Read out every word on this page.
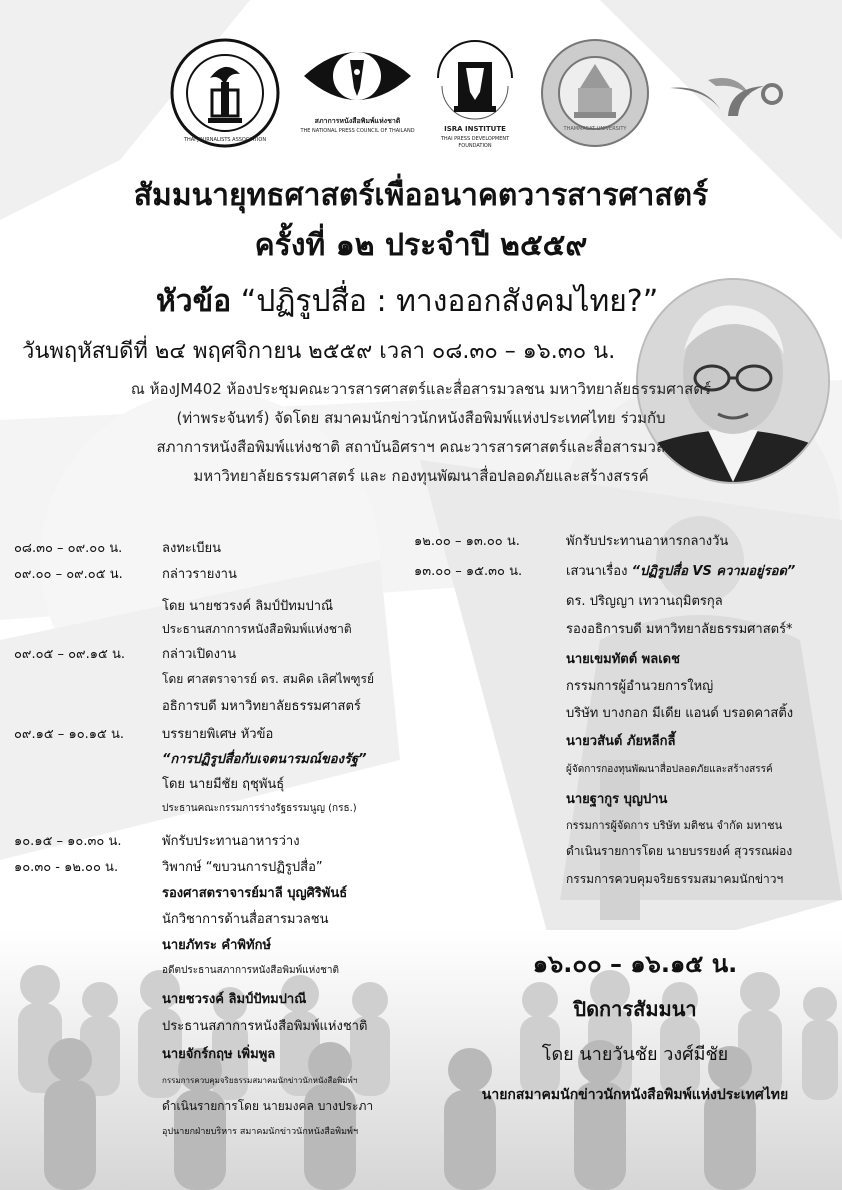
THAI JOURNALISTS ASSOCIATION
สภาการหนังสือพิมพ์แห่งชาติ
THE NATIONAL PRESS COUNCIL OF THAILAND	ISRA INSTITUTE
THAI PRESS DEVELOPMENT
FOUNDATION
THAMMASAT UNIVERSITY
สัมมนายุทธศาสตร์เพื่ออนาคตวารสารศาสตร์
ครั้งที่ ๑๒ ประจำปี ๒๕๕๙
หัวข้อ “ปฏิรูปสื่อ : ทางออกสังคมไทย?”
วันพฤหัสบดีที่ ๒๔ พฤศจิกายน ๒๕๕๙ เวลา ๐๘.๓๐ – ๑๖.๓๐ น.
ณ ห้องJM402 ห้องประชุมคณะวารสารศาสตร์และสื่อสารมวลชน มหาวิทยาลัยธรรมศาสตร์
(ท่าพระจันทร์) จัดโดย สมาคมนักข่าวนักหนังสือพิมพ์แห่งประเทศไทย ร่วมกับ
สภาการหนังสือพิมพ์แห่งชาติ สถาบันอิศราฯ คณะวารสารศาสตร์และสื่อสารมวลชน
มหาวิทยาลัยธรรมศาสตร์ และ กองทุนพัฒนาสื่อปลอดภัยและสร้างสรรค์
๐๘.๓๐ – ๐๙.๐๐ น.	ลงทะเบียน
๐๙.๐๐ – ๐๙.๐๕ น.	กล่าวรายงาน
โดย นายชวรงค์ ลิมป์ปัทมปาณี
ประธานสภาการหนังสือพิมพ์แห่งชาติ
๐๙.๐๕ – ๐๙.๑๕ น.	กล่าวเปิดงาน
โดย ศาสตราจารย์ ดร. สมคิด เลิศไพฑูรย์
อธิการบดี มหาวิทยาลัยธรรมศาสตร์
๐๙.๑๕ – ๑๐.๑๕ น.	บรรยายพิเศษ หัวข้อ
“การปฏิรูปสื่อกับเจตนารมณ์ของรัฐ”
โดย นายมีชัย ฤชุพันธุ์
ประธานคณะกรรมการร่างรัฐธรรมนูญ (กรธ.)
๑๐.๑๕ – ๑๐.๓๐ น.	พักรับประทานอาหารว่าง
๑๐.๓๐ - ๑๒.๐๐ น.	วิพากษ์ “ขบวนการปฏิรูปสื่อ”
รองศาสตราจารย์มาลี บุญศิริพันธ์
นักวิชาการด้านสื่อสารมวลชน
นายภัทระ คำพิทักษ์
อดีตประธานสภาการหนังสือพิมพ์แห่งชาติ
นายชวรงค์ ลิมป์ปัทมปาณี
ประธานสภาการหนังสือพิมพ์แห่งชาติ
นายจักร์กฤษ เพิ่มพูล
กรรมการควบคุมจริยธรรมสมาคมนักข่าวนักหนังสือพิมพ์ฯ
ดำเนินรายการโดย นายมงคล บางประภา
อุปนายกฝ่ายบริหาร สมาคมนักข่าวนักหนังสือพิมพ์ฯ
๑๒.๐๐ – ๑๓.๐๐ น.	พักรับประทานอาหารกลางวัน
๑๓.๐๐ – ๑๕.๓๐ น.	เสวนาเรื่อง “ปฏิรูปสื่อ VS ความอยู่รอด”
ดร. ปริญญา เทวานฤมิตรกุล
รองอธิการบดี มหาวิทยาลัยธรรมศาสตร์*
นายเขมทัตต์ พลเดช
กรรมการผู้อำนวยการใหญ่
บริษัท บางกอก มีเดีย แอนด์ บรอดคาสติ้ง
นายวสันต์ ภัยหลีกลี้
ผู้จัดการกองทุนพัฒนาสื่อปลอดภัยและสร้างสรรค์
นายฐากูร บุญปาน
กรรมการผู้จัดการ บริษัท มติชน จำกัด มหาชน
ดำเนินรายการโดย นายบรรยงค์ สุวรรณผ่อง
กรรมการควบคุมจริยธรรมสมาคมนักข่าวฯ
๑๖.๐๐ – ๑๖.๑๕ น.
ปิดการสัมมนา
โดย นายวันชัย วงศ์มีชัย
นายกสมาคมนักข่าวนักหนังสือพิมพ์แห่งประเทศไทย
